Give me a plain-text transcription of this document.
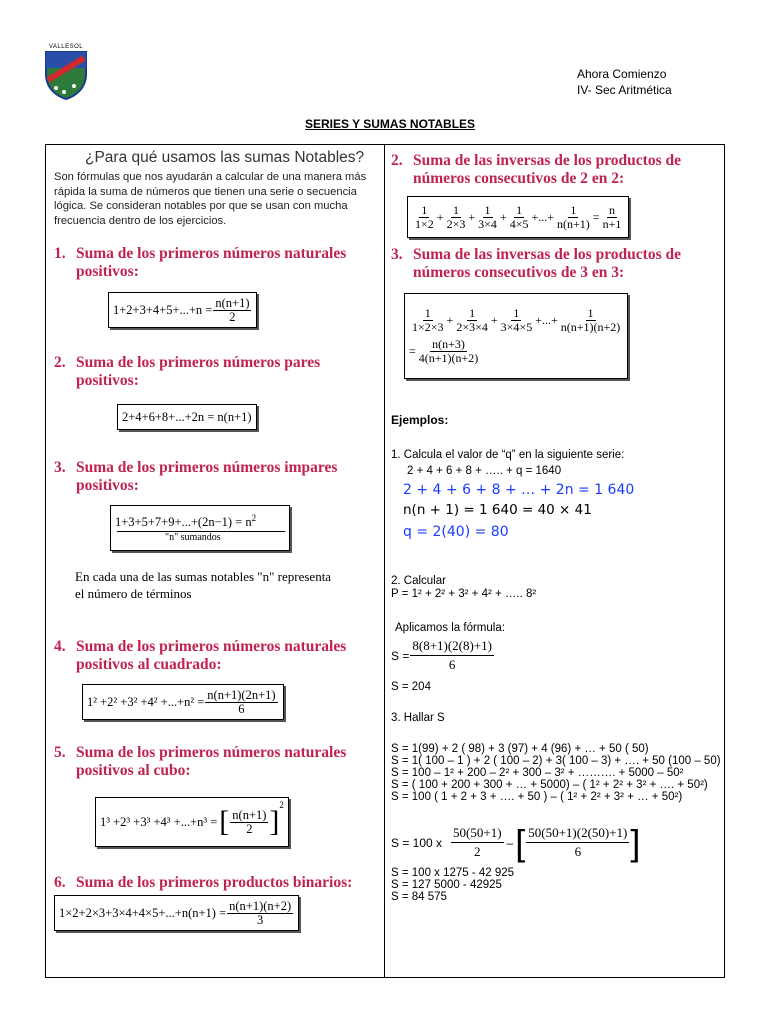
VALLESOL
Ahora Comienzo
IV- Sec Aritmética
SERIES Y SUMAS NOTABLES
¿Para qué usamos las sumas Notables?
Son fórmulas que nos ayudarán a calcular de una manera más
rápida la suma de números que tienen una serie o secuencia
lógica. Se consideran notables por que se usan con mucha
frecuencia dentro de los ejercicios.
1. Suma de los primeros números naturales
positivos:
$1+2+3+4+5+...+n = \frac{n(n+1)}{2}$
2. Suma de los primeros números pares
positivos:
2+4+6+8+...+2n = n(n+1)
3. Suma de los primeros números impares
positivos:
$1+3+5+7+9+...+(2n-1) = n^2$
"n" sumandos
En cada una de las sumas notables "n" representa
el número de términos
4. Suma de los primeros números naturales
positivos al cuadrado:
$1^2 +2^2 +3^2 +4^2 +...+n^2 = \frac{n(n+1)(2n+1)}{6}$
5. Suma de los primeros números naturales
positivos al cubo:
1³ +2³ +3³ +4³ +...+n³ = [ $\frac{n(n+1)}{2} ]^2$
6. Suma de los primeros productos binarios:
$1\times 2+2\times 3+3\times 4+4\times 5+...+n(n+1) = \frac{n(n+1)(n+2)}{3}$
2. Suma de las inversas de los productos de
números consecutivos de 2 en 2:
$\frac{1}{1\times 2} + \frac{1}{2\times 3} + \frac{1}{3\times 4} + \frac{1}{4\times 5}$ +...+ $\frac{1}{n(n+1)} = \frac{n}{n+1}$
3. Suma de las inversas de los productos de
números consecutivos de 3 en 3:
$\frac{1}{1\times 2\times 3} + \frac{1}{2\times 3\times 4} + \frac{1}{3\times 4\times 5}$ +...+ $\frac{1}{n(n+1)(n+2)}$
= $\frac{n(n+3)}{4(n+1)(n+2)}$
Ejemplos:
1. Calcula el valor de “q” en la siguiente serie:
2 + 4 + 6 + 8 + ….. + q = 1640
2 + 4 + 6 + 8 + … + 2n = 1 640
n(n + 1) = 1 640 = 40 × 41
q = 2(40) = 80
2. Calcular
P = 1² + 2² + 3² + 4² + ….. 8²
Aplicamos la fórmula:
$S = \frac{8(8+1)(2(8)+1)}{6}$
S = 204
3. Hallar S
S = 1(99) + 2 ( 98) + 3 (97) + 4 (96) + … + 50 ( 50)
S = 1( 100 – 1 ) + 2 ( 100 – 2) + 3( 100 – 3) + …. + 50 (100 – 50)
S = 100 – 1² + 200 – 2² + 300 – 3² + ………. + 5000 – 50²
S = ( 100 + 200 + 300 + … + 5000) – ( 1² + 2² + 3² + …. + 50²)
S = 100 ( 1 + 2 + 3 + …. + 50 ) – ( 1² + 2² + 3² + … + 50²)
S = 100 x $\frac{50(50+1)}{2}$ – [ $\frac{50(50+1)(2(50)+1)}{6}$ ]
S = 100 x 1275 - 42 925
S = 127 5000 - 42925
S = 84 575
